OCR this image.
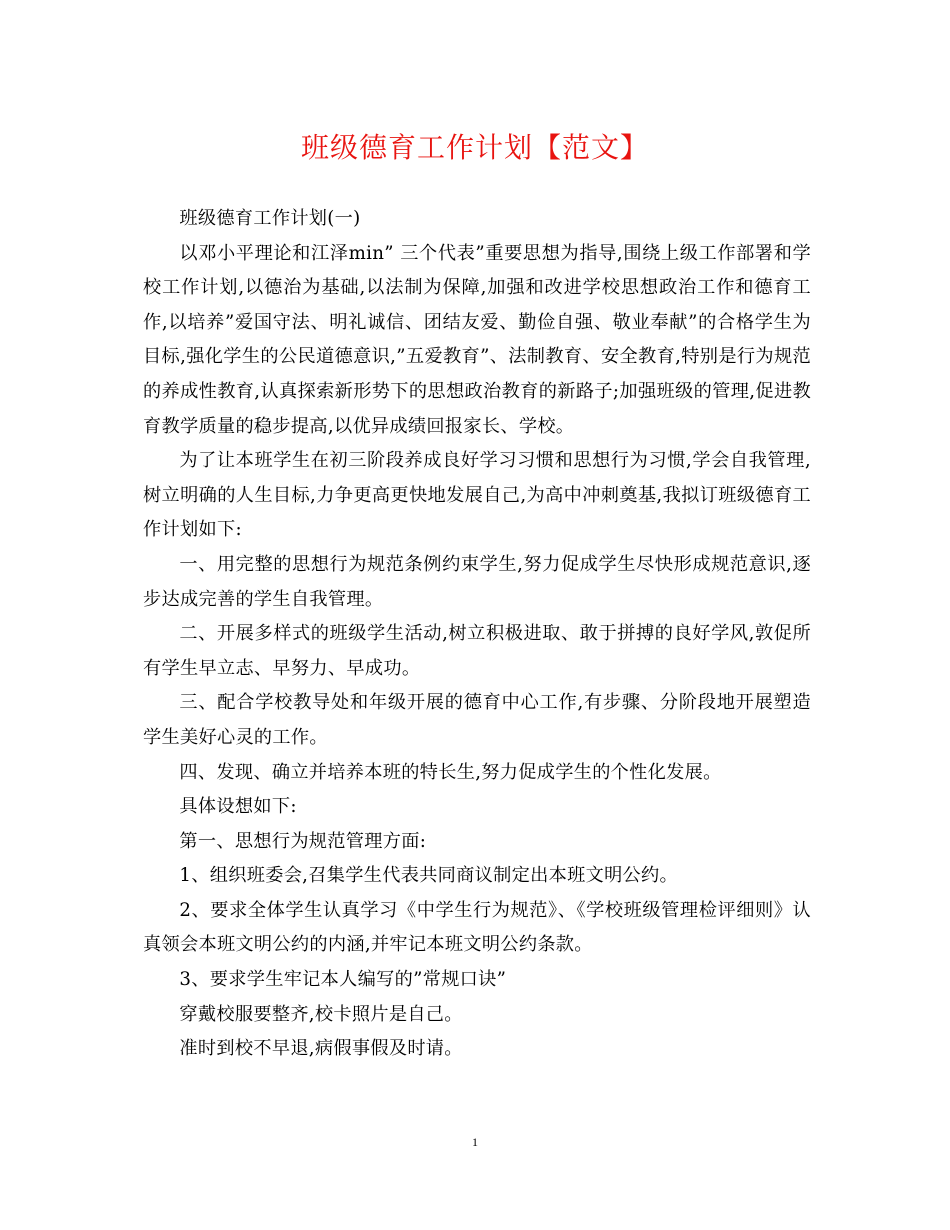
班级德育工作计划【范文】

班级德育工作计划(一)

以邓小平理论和江泽min” 三个代表”重要思想为指导,围绕上级工作部署和学校工作计划,以德治为基础,以法制为保障,加强和改进学校思想政治工作和德育工作,以培养”爱国守法、明礼诚信、团结友爱、勤俭自强、敬业奉献”的合格学生为目标,强化学生的公民道德意识,”五爱教育”、法制教育、安全教育,特别是行为规范的养成性教育,认真探索新形势下的思想政治教育的新路子;加强班级的管理,促进教育教学质量的稳步提高,以优异成绩回报家长、学校。

为了让本班学生在初三阶段养成良好学习习惯和思想行为习惯,学会自我管理,树立明确的人生目标,力争更高更快地发展自己,为高中冲刺奠基,我拟订班级德育工作计划如下:

一、用完整的思想行为规范条例约束学生,努力促成学生尽快形成规范意识,逐步达成完善的学生自我管理。

二、开展多样式的班级学生活动,树立积极进取、敢于拼搏的良好学风,敦促所有学生早立志、早努力、早成功。

三、配合学校教导处和年级开展的德育中心工作,有步骤、分阶段地开展塑造学生美好心灵的工作。

四、发现、确立并培养本班的特长生,努力促成学生的个性化发展。

具体设想如下:

第一、思想行为规范管理方面:

1、组织班委会,召集学生代表共同商议制定出本班文明公约。

2、要求全体学生认真学习《中学生行为规范》、《学校班级管理检评细则》认真领会本班文明公约的内涵,并牢记本班文明公约条款。

3、要求学生牢记本人编写的”常规口诀”

穿戴校服要整齐,校卡照片是自己。

准时到校不早退,病假事假及时请。

1
